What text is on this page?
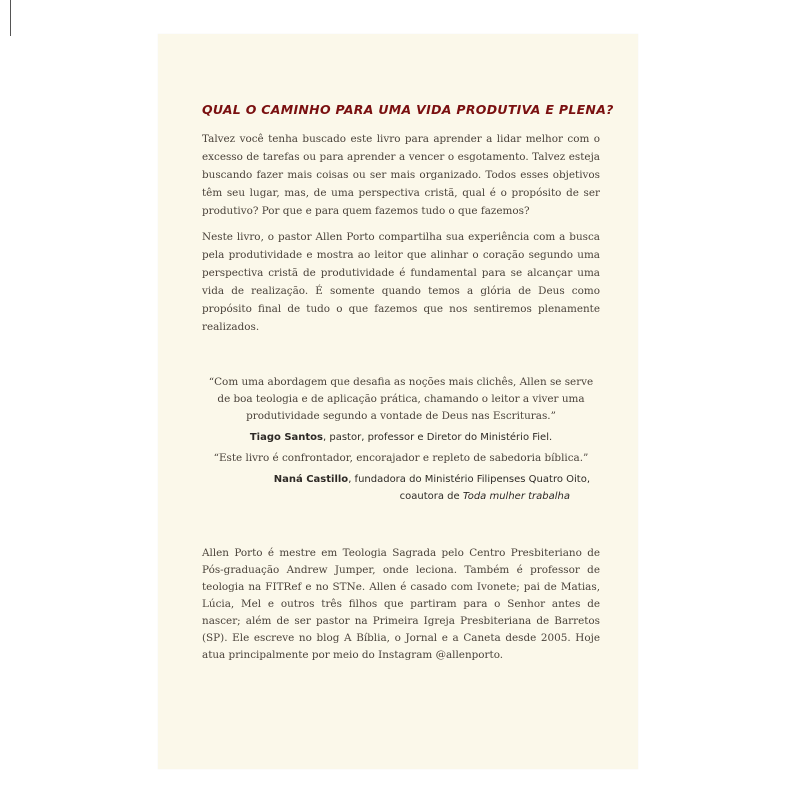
QUAL O CAMINHO PARA UMA VIDA PRODUTIVA E PLENA?

Talvez você tenha buscado este livro para aprender a lidar melhor com o excesso de tarefas ou para aprender a vencer o esgotamento. Talvez esteja buscando fazer mais coisas ou ser mais organizado. Todos esses objetivos têm seu lugar, mas, de uma perspectiva cristã, qual é o propósito de ser produtivo? Por que e para quem fazemos tudo o que fazemos?

Neste livro, o pastor Allen Porto compartilha sua experiência com a busca pela produtividade e mostra ao leitor que alinhar o coração segundo uma perspectiva cristã de produtividade é fundamental para se alcançar uma vida de realização. É somente quando temos a glória de Deus como propósito final de tudo o que fazemos que nos sentiremos plenamente realizados.

“Com uma abordagem que desafia as noções mais clichês, Allen se serve de boa teologia e de aplicação prática, chamando o leitor a viver uma produtividade segundo a vontade de Deus nas Escrituras.”

Tiago Santos, pastor, professor e Diretor do Ministério Fiel.

“Este livro é confrontador, encorajador e repleto de sabedoria bíblica.”

Naná Castillo, fundadora do Ministério Filipenses Quatro Oito,

coautora de Toda mulher trabalha

Allen Porto é mestre em Teologia Sagrada pelo Centro Presbiteriano de Pós-graduação Andrew Jumper, onde leciona. Também é professor de teologia na FITRef e no STNe. Allen é casado com Ivonete; pai de Matias, Lúcia, Mel e outros três filhos que partiram para o Senhor antes de nascer; além de ser pastor na Primeira Igreja Presbiteriana de Barretos (SP). Ele escreve no blog A Bíblia, o Jornal e a Caneta desde 2005. Hoje atua principalmente por meio do Instagram @allenporto.
